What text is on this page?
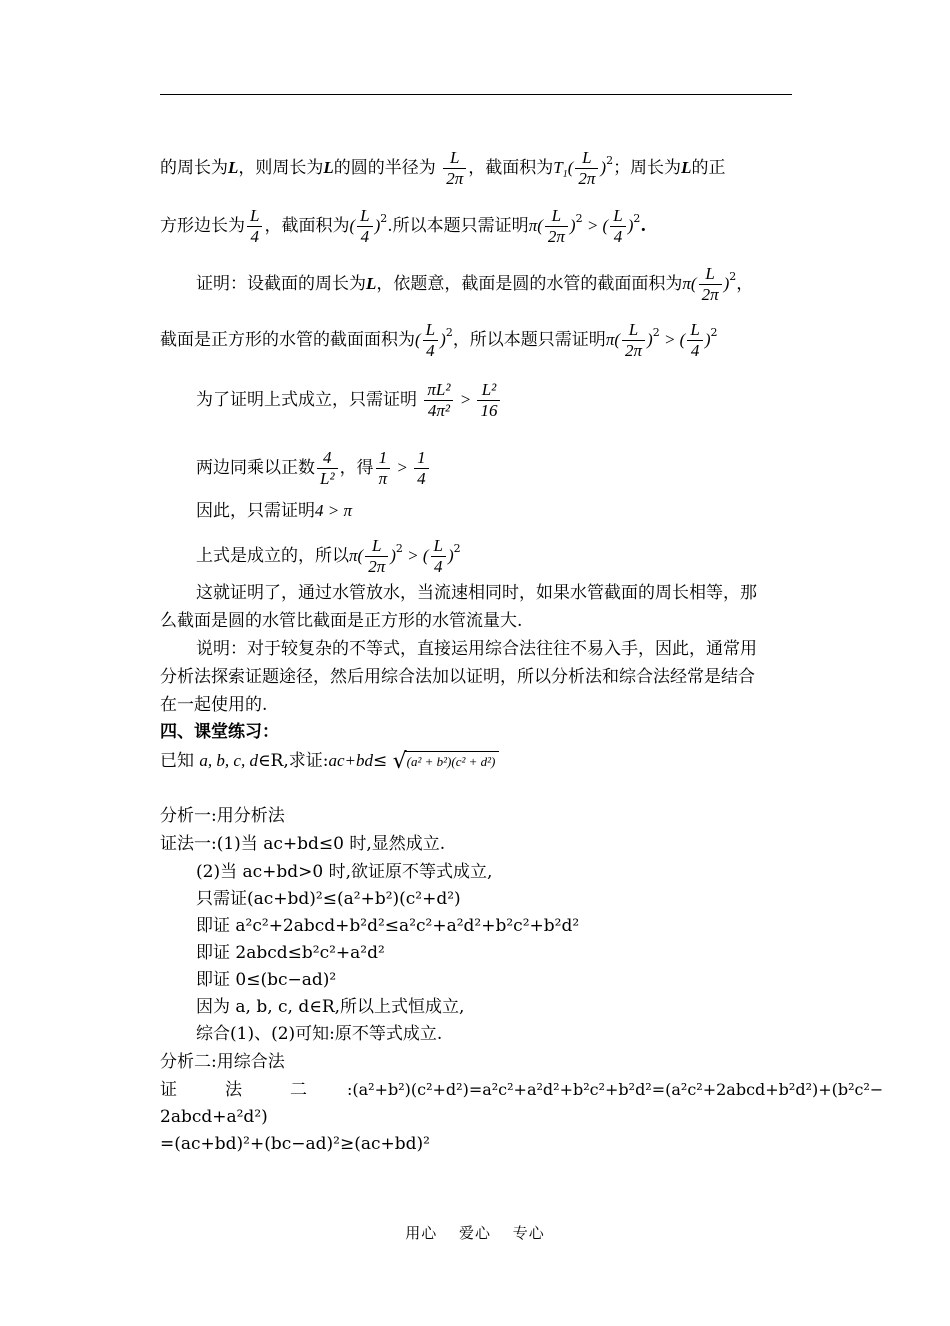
的周长为L，则周长为L的圆的半径为 $\frac{L}{2\pi}$ ，截面积为$T_1( \frac{L}{2\pi} )^2$；周长为L的正
方形边长为 $\frac{L}{4}$ ，截面积为( $\frac{L}{4} )^2$.所以本题只需证明$\pi( \frac{L}{2\pi} )^2$ > ( $\frac{L}{4} )^2$.
证明：设截面的周长为L，依题意，截面是圆的水管的截面面积为$\pi( \frac{L}{2\pi} )^2$，
截面是正方形的水管的截面面积为( $\frac{L}{4} )^2$，所以本题只需证明$\pi( \frac{L}{2\pi} )^2$ > ( $\frac{L}{4} )^2$
为了证明上式成立，只需证明 $\frac{\text{πL²}}{\text{4π²}} > \frac{\text{L²}}{16}$
两边同乘以正数 $\frac{4}{\text{L²}}$ ，得 $\frac{1}{\pi} > \frac{1}{4}$
因此，只需证明4 > π
上式是成立的，所以$\pi( \frac{L}{2\pi} )^2$ > ( $\frac{L}{4} )^2$
这就证明了，通过水管放水，当流速相同时，如果水管截面的周长相等，那
么截面是圆的水管比截面是正方形的水管流量大.
说明：对于较复杂的不等式，直接运用综合法往往不易入手，因此，通常用
分析法探索证题途径，然后用综合法加以证明，所以分析法和综合法经常是结合
在一起使用的.
四、课堂练习：
已知 a, b, c, d∈R,求证:ac+bd≤ √ (a² + b²)(c² + d²)
分析一:用分析法
证法一:(1)当 ac+bd≤0 时,显然成立.
(2)当 ac+bd>0 时,欲证原不等式成立,
只需证(ac+bd)²≤(a²+b²)(c²+d²)
即证 a²c²+2abcd+b²d²≤a²c²+a²d²+b²c²+b²d²
即证 2abcd≤b²c²+a²d²
即证 0≤(bc−ad)²
因为 a, b, c, d∈R,所以上式恒成立,
综合(1)、(2)可知:原不等式成立.
分析二:用综合法
证	法	二	:(a²+b²)(c²+d²)=a²c²+a²d²+b²c²+b²d²=(a²c²+2abcd+b²d²)+(b²c²−
2abcd+a²d²)
=(ac+bd)²+(bc−ad)²≥(ac+bd)²
用心 爱心 专心
